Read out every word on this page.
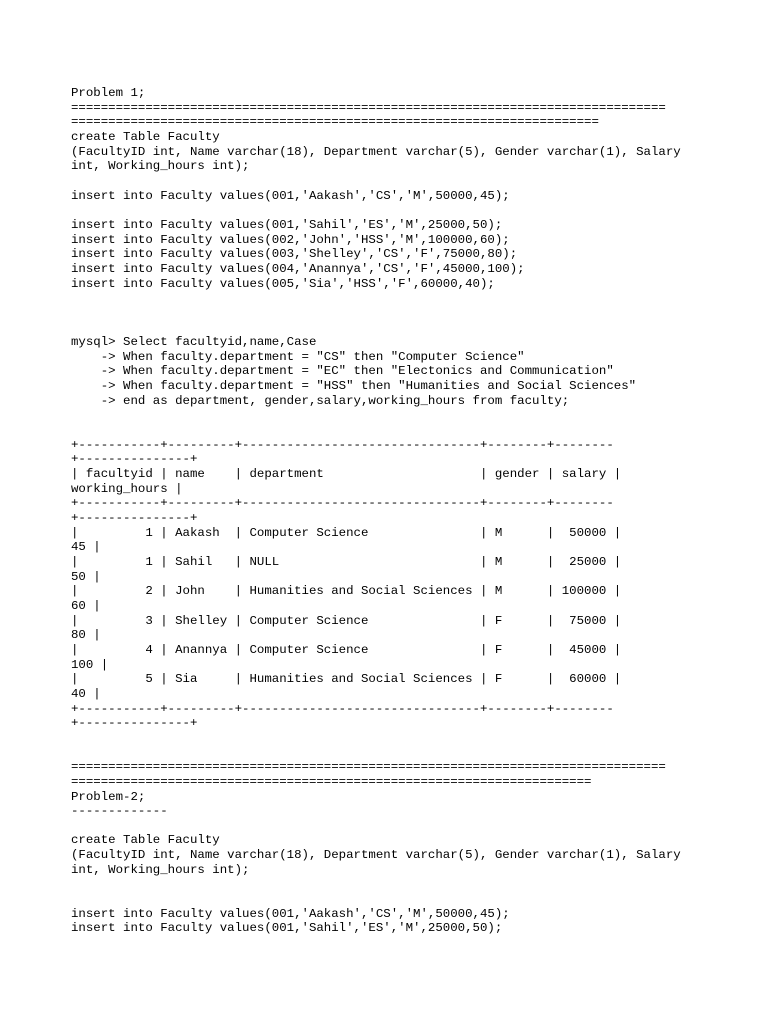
Problem 1;
================================================================================
=======================================================================
create Table Faculty
(FacultyID int, Name varchar(18), Department varchar(5), Gender varchar(1), Salary
int, Working_hours int);
insert into Faculty values(001,'Aakash','CS','M',50000,45);
insert into Faculty values(001,'Sahil','ES','M',25000,50);
insert into Faculty values(002,'John','HSS','M',100000,60);
insert into Faculty values(003,'Shelley','CS','F',75000,80);
insert into Faculty values(004,'Anannya','CS','F',45000,100);
insert into Faculty values(005,'Sia','HSS','F',60000,40);
mysql> Select facultyid,name,Case
-> When faculty.department = "CS" then "Computer Science"
-> When faculty.department = "EC" then "Electonics and Communication"
-> When faculty.department = "HSS" then "Humanities and Social Sciences"
-> end as department, gender,salary,working_hours from faculty;
+-----------+---------+--------------------------------+--------+--------
+---------------+
| facultyid | name    | department                     | gender | salary |
working_hours |
+-----------+---------+--------------------------------+--------+--------
+---------------+
|         1 | Aakash  | Computer Science               | M      |  50000 |
45 |
|         1 | Sahil   | NULL                           | M      |  25000 |
50 |
|         2 | John    | Humanities and Social Sciences | M      | 100000 |
60 |
|         3 | Shelley | Computer Science               | F      |  75000 |
80 |
|         4 | Anannya | Computer Science               | F      |  45000 |
100 |
|         5 | Sia     | Humanities and Social Sciences | F      |  60000 |
40 |
+-----------+---------+--------------------------------+--------+--------
+---------------+
================================================================================
======================================================================
Problem-2;
-------------
create Table Faculty
(FacultyID int, Name varchar(18), Department varchar(5), Gender varchar(1), Salary
int, Working_hours int);
insert into Faculty values(001,'Aakash','CS','M',50000,45);
insert into Faculty values(001,'Sahil','ES','M',25000,50);
